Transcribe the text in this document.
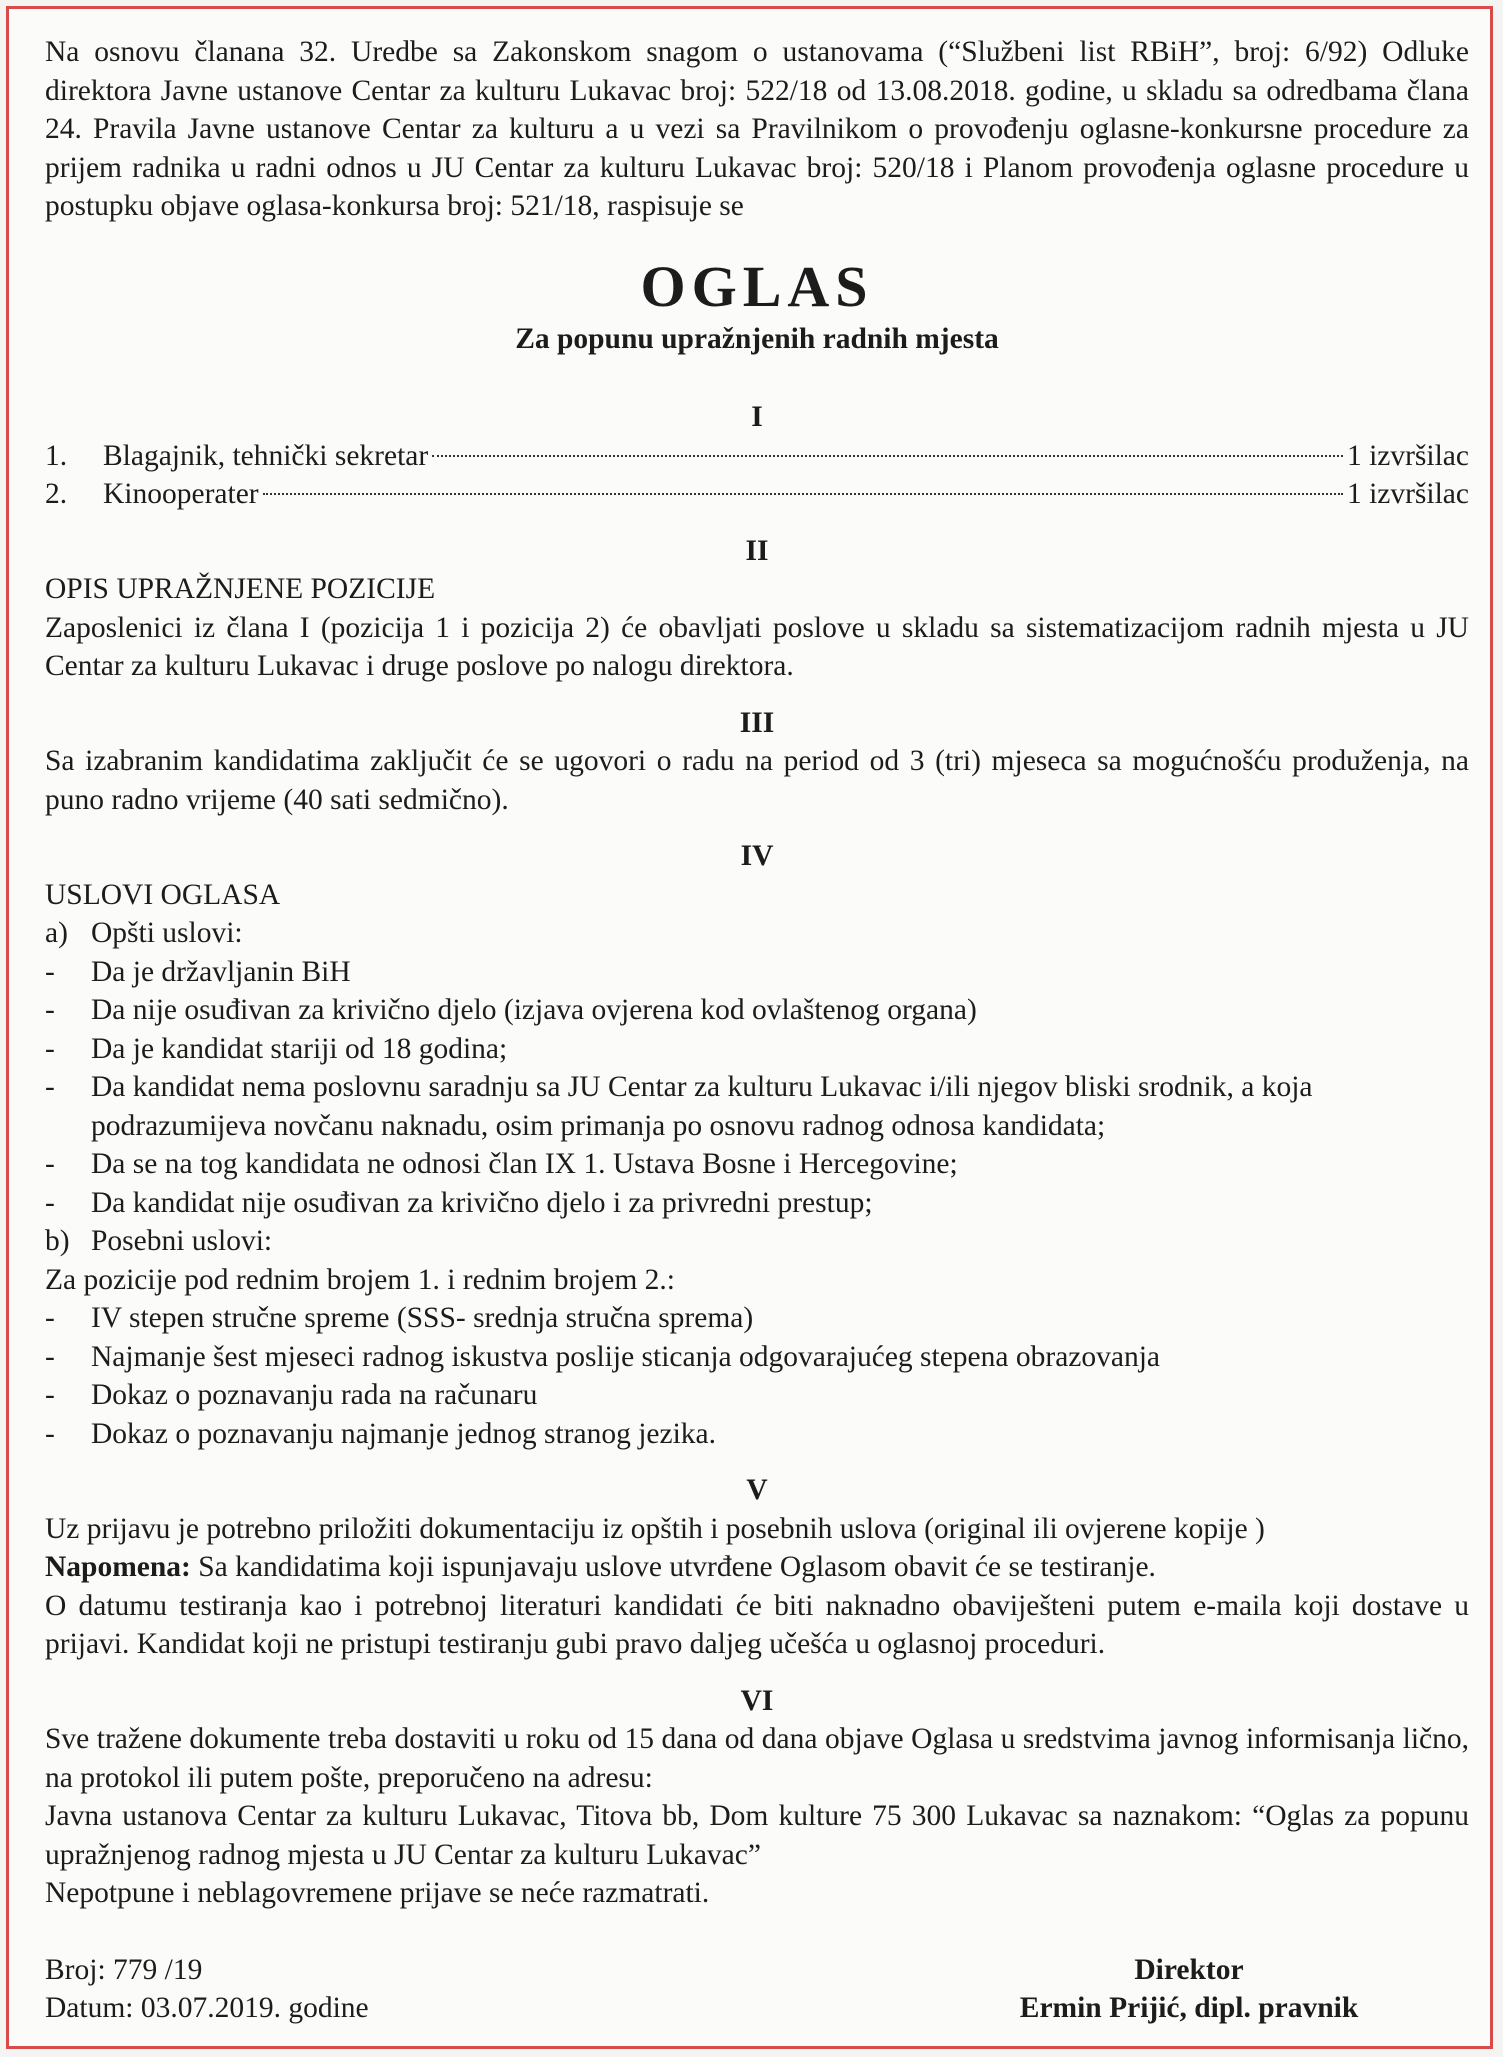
Na osnovu članana 32. Uredbe sa Zakonskom snagom o ustanovama (“Službeni list RBiH”, broj: 6/92) Odluke direktora Javne ustanove Centar za kulturu Lukavac broj: 522/18 od 13.08.2018. godine, u skladu sa odredbama člana 24. Pravila Javne ustanove Centar za kulturu a u vezi sa Pravilnikom o provođenju oglasne-konkursne procedure za prijem radnika u radni odnos u JU Centar za kulturu Lukavac broj: 520/18 i Planom provođenja oglasne procedure u postupku objave oglasa-konkursa broj: 521/18, raspisuje se

OGLAS
Za popunu upražnjenih radnih mjesta
I
1.	Blagajnik, tehnički sekretar	1 izvršilac
2.	Kinooperater	1 izvršilac
II

OPIS UPRAŽNJENE POZICIJE

Zaposlenici iz člana I (pozicija 1 i pozicija 2) će obavljati poslove u skladu sa sistematizacijom radnih mjesta u JU Centar za kulturu Lukavac i druge poslove po nalogu direktora.

III

Sa izabranim kandidatima zaključit će se ugovori o radu na period od 3 (tri) mjeseca sa mogućnošću produženja, na puno radno vrijeme (40 sati sedmično).

IV

USLOVI OGLASA

a) Opšti uslovi:
-	Da je državljanin BiH
-	Da nije osuđivan za krivično djelo (izjava ovjerena kod ovlaštenog organa)
-	Da je kandidat stariji od 18 godina;
-	Da kandidat nema poslovnu saradnju sa JU Centar za kulturu Lukavac i/ili njegov bliski srodnik, a koja podrazumijeva novčanu naknadu, osim primanja po osnovu radnog odnosa kandidata;
-	Da se na tog kandidata ne odnosi član IX 1. Ustava Bosne i Hercegovine;
-	Da kandidat nije osuđivan za krivično djelo i za privredni prestup;
b) Posebni uslovi:

Za pozicije pod rednim brojem 1. i rednim brojem 2.:

-	IV stepen stručne spreme (SSS- srednja stručna sprema)
-	Najmanje šest mjeseci radnog iskustva poslije sticanja odgovarajućeg stepena obrazovanja
-	Dokaz o poznavanju rada na računaru
-	Dokaz o poznavanju najmanje jednog stranog jezika.
V

Uz prijavu je potrebno priložiti dokumentaciju iz opštih i posebnih uslova (original ili ovjerene kopije )

Napomena: Sa kandidatima koji ispunjavaju uslove utvrđene Oglasom obavit će se testiranje.

O datumu testiranja kao i potrebnoj literaturi kandidati će biti naknadno obaviješteni putem e-maila koji dostave u prijavi. Kandidat koji ne pristupi testiranju gubi pravo daljeg učešća u oglasnoj proceduri.

VI

Sve tražene dokumente treba dostaviti u roku od 15 dana od dana objave Oglasa u sredstvima javnog informisanja lično, na protokol ili putem pošte, preporučeno na adresu:

Javna ustanova Centar za kulturu Lukavac, Titova bb, Dom kulture 75 300 Lukavac sa naznakom: “Oglas za popunu upražnjenog radnog mjesta u JU Centar za kulturu Lukavac”

Nepotpune i neblagovremene prijave se neće razmatrati.

Broj: 779 /19

Datum: 03.07.2019. godine

Direktor

Ermin Prijić, dipl. pravnik
